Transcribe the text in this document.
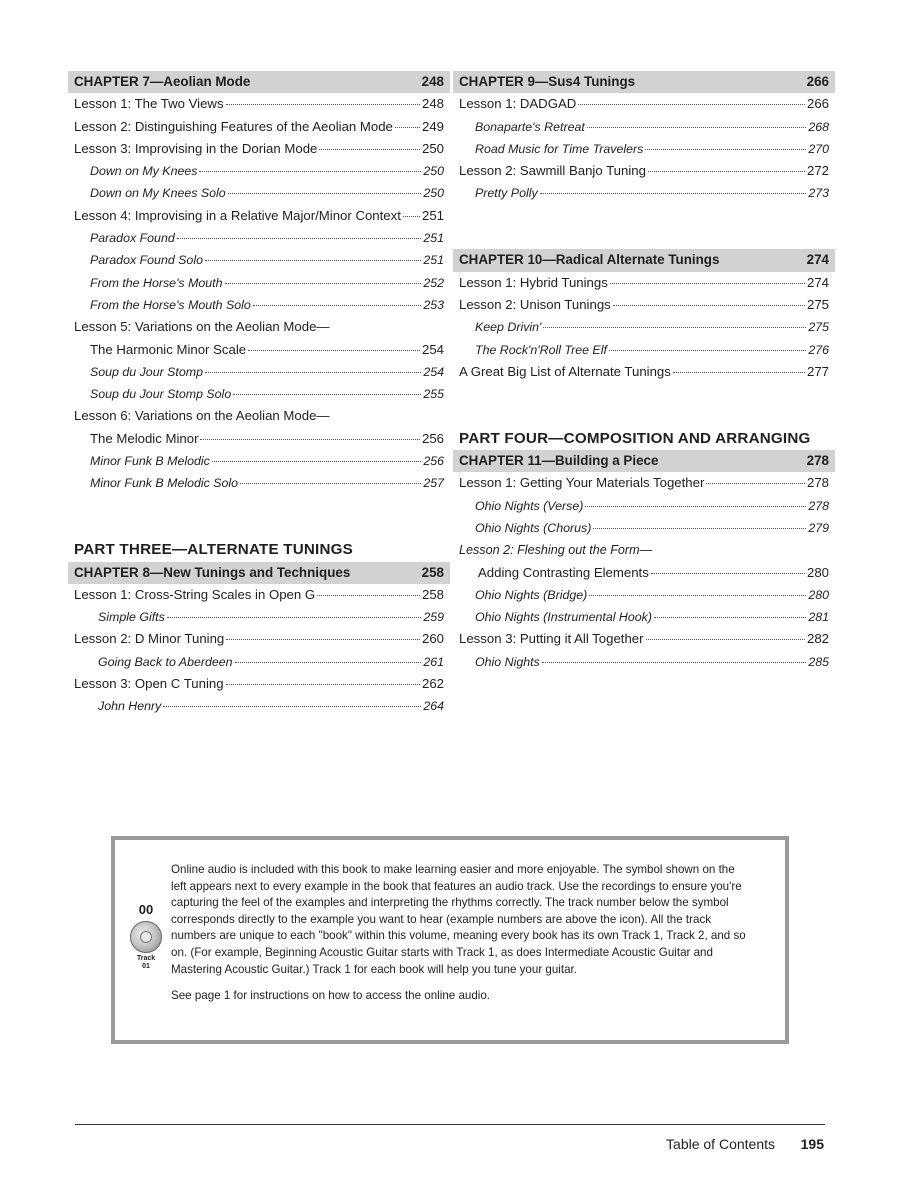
CHAPTER 7—Aeolian Mode	248
Lesson 1: The Two Views	248
Lesson 2: Distinguishing Features of the Aeolian Mode 249
Lesson 3: Improvising in the Dorian Mode	250
Down on My Knees	250
Down on My Knees Solo	250
Lesson 4: Improvising in a Relative Major/Minor Context 251
Paradox Found	251
Paradox Found Solo	251
From the Horse's Mouth	252
From the Horse's Mouth Solo	253
Lesson 5: Variations on the Aeolian Mode—
The Harmonic Minor Scale	254
Soup du Jour Stomp	254
Soup du Jour Stomp Solo	255
Lesson 6: Variations on the Aeolian Mode—
The Melodic Minor	256
Minor Funk B Melodic	256
Minor Funk B Melodic Solo	257
PART THREE—ALTERNATE TUNINGS
CHAPTER 8—New Tunings and Techniques	258
Lesson 1: Cross-String Scales in Open G	258
Simple Gifts	259
Lesson 2: D Minor Tuning	260
Going Back to Aberdeen	261
Lesson 3: Open C Tuning	262
John Henry	264
CHAPTER 9—Sus4 Tunings	266
Lesson 1: DADGAD	266
Bonaparte's Retreat	268
Road Music for Time Travelers	270
Lesson 2: Sawmill Banjo Tuning	272
Pretty Polly	273
CHAPTER 10—Radical Alternate Tunings	274
Lesson 1: Hybrid Tunings	274
Lesson 2: Unison Tunings	275
Keep Drivin'	275
The Rock'n'Roll Tree Elf	276
A Great Big List of Alternate Tunings	277
PART FOUR—COMPOSITION AND ARRANGING
CHAPTER 11—Building a Piece	278
Lesson 1: Getting Your Materials Together	278
Ohio Nights (Verse)	278
Ohio Nights (Chorus)	279
Lesson 2: Fleshing out the Form—
Adding Contrasting Elements	280
Ohio Nights (Bridge)	280
Ohio Nights (Instrumental Hook)	281
Lesson 3: Putting it All Together	282
Ohio Nights	285
00
Track
01

Online audio is included with this book to make learning easier and more enjoyable. The symbol shown on the left appears next to every example in the book that features an audio track. Use the recordings to ensure you're capturing the feel of the examples and interpreting the rhythms correctly. The track number below the symbol corresponds directly to the example you want to hear (example numbers are above the icon). All the track numbers are unique to each "book" within this volume, meaning every book has its own Track 1, Track 2, and so on. (For example, Beginning Acoustic Guitar starts with Track 1, as does Intermediate Acoustic Guitar and Mastering Acoustic Guitar.) Track 1 for each book will help you tune your guitar.

See page 1 for instructions on how to access the online audio.

Table of Contents 195
